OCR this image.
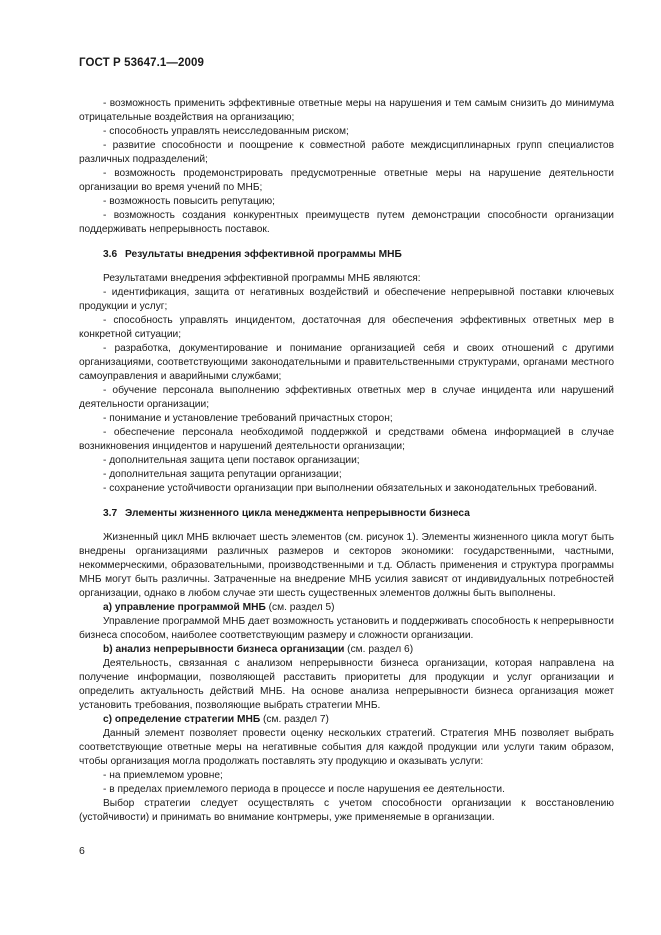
ГОСТ Р 53647.1—2009

- возможность применить эффективные ответные меры на нарушения и тем самым снизить до минимума отрицательные воздействия на организацию;

- способность управлять неисследованным риском;

- развитие способности и поощрение к совместной работе междисциплинарных групп специалистов различных подразделений;

- возможность продемонстрировать предусмотренные ответные меры на нарушение деятельности организации во время учений по МНБ;

- возможность повысить репутацию;

- возможность создания конкурентных преимуществ путем демонстрации способности организации поддерживать непрерывность поставок.

3.6 Результаты внедрения эффективной программы МНБ

Результатами внедрения эффективной программы МНБ являются:

- идентификация, защита от негативных воздействий и обеспечение непрерывной поставки ключевых продукции и услуг;

- способность управлять инцидентом, достаточная для обеспечения эффективных ответных мер в конкретной ситуации;

- разработка, документирование и понимание организацией себя и своих отношений с другими организациями, соответствующими законодательными и правительственными структурами, органами местного самоуправления и аварийными службами;

- обучение персонала выполнению эффективных ответных мер в случае инцидента или нарушений деятельности организации;

- понимание и установление требований причастных сторон;

- обеспечение персонала необходимой поддержкой и средствами обмена информацией в случае возникновения инцидентов и нарушений деятельности организации;

- дополнительная защита цепи поставок организации;

- дополнительная защита репутации организации;

- сохранение устойчивости организации при выполнении обязательных и законодательных требований.

3.7 Элементы жизненного цикла менеджмента непрерывности бизнеса

Жизненный цикл МНБ включает шесть элементов (см. рисунок 1). Элементы жизненного цикла могут быть внедрены организациями различных размеров и секторов экономики: государственными, частными, некоммерческими, образовательными, производственными и т.д. Область применения и структура программы МНБ могут быть различны. Затраченные на внедрение МНБ усилия зависят от индивидуальных потребностей организации, однако в любом случае эти шесть существенных элементов должны быть выполнены.

а) управление программой МНБ (см. раздел 5)

Управление программой МНБ дает возможность установить и поддерживать способность к непрерывности бизнеса способом, наиболее соответствующим размеру и сложности организации.

b) анализ непрерывности бизнеса организации (см. раздел 6)

Деятельность, связанная с анализом непрерывности бизнеса организации, которая направлена на получение информации, позволяющей расставить приоритеты для продукции и услуг организации и определить актуальность действий МНБ. На основе анализа непрерывности бизнеса организация может установить требования, позволяющие выбрать стратегии МНБ.

с) определение стратегии МНБ (см. раздел 7)

Данный элемент позволяет провести оценку нескольких стратегий. Стратегия МНБ позволяет выбрать соответствующие ответные меры на негативные события для каждой продукции или услуги таким образом, чтобы организация могла продолжать поставлять эту продукцию и оказывать услуги:

- на приемлемом уровне;

- в пределах приемлемого периода в процессе и после нарушения ее деятельности.

Выбор стратегии следует осуществлять с учетом способности организации к восстановлению (устойчивости) и принимать во внимание контрмеры, уже применяемые в организации.

6
